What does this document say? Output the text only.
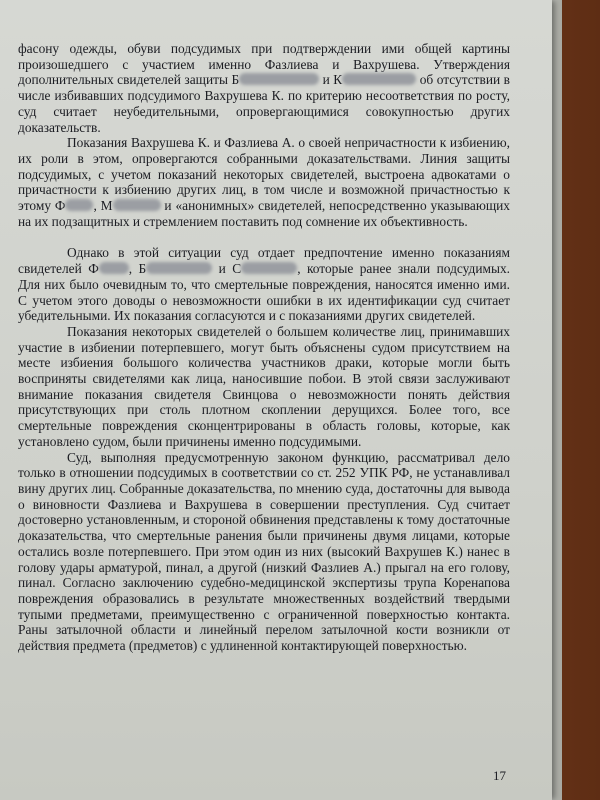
фасону одежды, обуви подсудимых при подтверждении ими общей картины произошедшего с участием именно Фазлиева и Вахрушева. Утверждения дополнительных свидетелей защиты Б	и К	об отсутствии в числе избивавших подсудимого Вахрушева К. по критерию несоответствия по росту, суд считает неубедительными, опровергающимися совокупностью других доказательств.

Показания Вахрушева К. и Фазлиева А. о своей непричастности к избиению, их роли в этом, опровергаются собранными доказательствами. Линия защиты подсудимых, с учетом показаний некоторых свидетелей, выстроена адвокатами о причастности к избиению других лиц, в том числе и возможной причастностью к этому Ф , М	и «анонимных» свидетелей, непосредственно указывающих на их подзащитных и стремлением поставить под сомнение их объективность.

Однако в этой ситуации суд отдает предпочтение именно показаниям свидетелей Ф , Б	и С	, которые ранее знали подсудимых. Для них было очевидным то, что смертельные повреждения, наносятся именно ими. С учетом этого доводы о невозможности ошибки в их идентификации суд считает убедительными. Их показания согласуются и с показаниями других свидетелей.

Показания некоторых свидетелей о большем количестве лиц, принимавших участие в избиении потерпевшего, могут быть объяснены судом присутствием на месте избиения большого количества участников драки, которые могли быть восприняты свидетелями как лица, наносившие побои. В этой связи заслуживают внимание показания свидетеля Свинцова о невозможности понять действия присутствующих при столь плотном скоплении дерущихся. Более того, все смертельные повреждения сконцентрированы в область головы, которые, как установлено судом, были причинены именно подсудимыми.

Суд, выполняя предусмотренную законом функцию, рассматривал дело только в отношении подсудимых в соответствии со ст. 252 УПК РФ, не устанавливал вину других лиц. Собранные доказательства, по мнению суда, достаточны для вывода о виновности Фазлиева и Вахрушева в совершении преступления. Суд считает достоверно установленным, и стороной обвинения представлены к тому достаточные доказательства, что смертельные ранения были причинены двумя лицами, которые остались возле потерпевшего. При этом один из них (высокий Вахрушев К.) нанес в голову удары арматурой, пинал, а другой (низкий Фазлиев А.) прыгал на его голову, пинал. Согласно заключению судебно-медицинской экспертизы трупа Коренапова повреждения образовались в результате множественных воздействий твердыми тупыми предметами, преимущественно с ограниченной поверхностью контакта. Раны затылочной области и линейный перелом затылочной кости возникли от действия предмета (предметов) с удлиненной контактирующей поверхностью.

17
